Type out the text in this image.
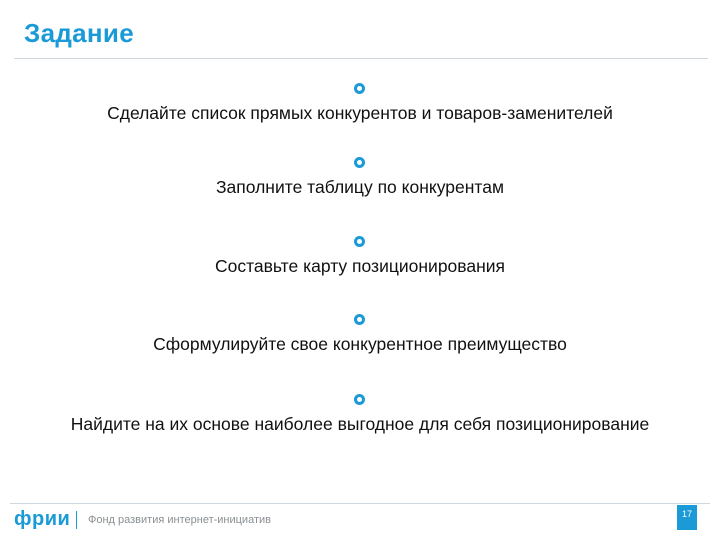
Задание
Сделайте список прямых конкурентов и товаров-заменителей
Заполните таблицу по конкурентам
Составьте карту позиционирования
Сформулируйте свое конкурентное преимущество
Найдите на их основе наиболее выгодное для себя позиционирование
фрии Фонд развития интернет-инициатив	17
